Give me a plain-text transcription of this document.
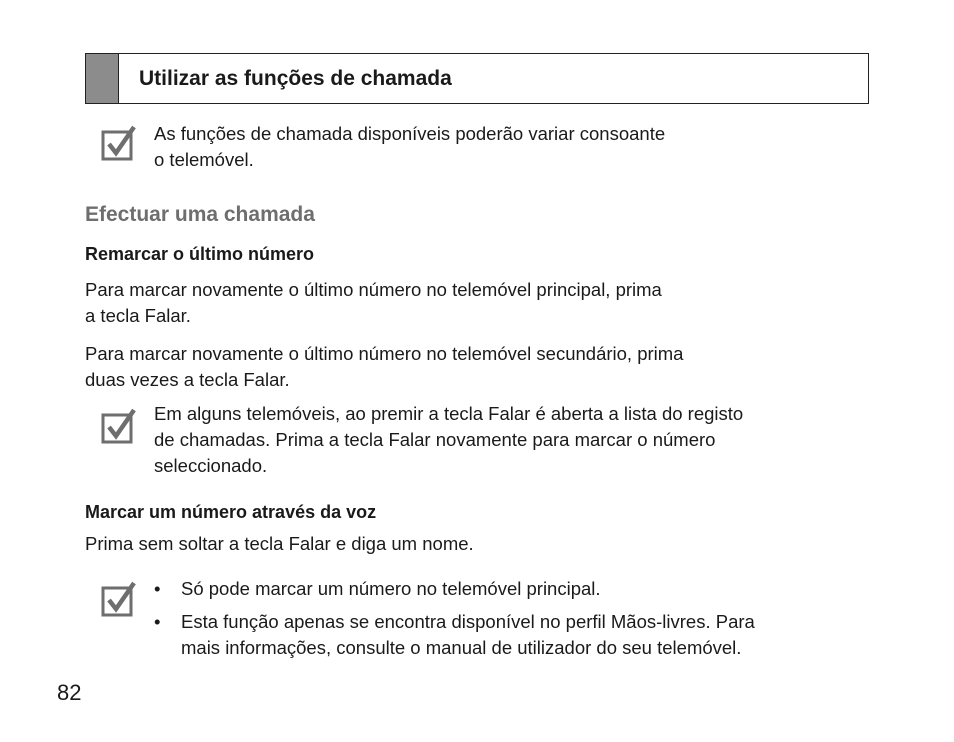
Utilizar as funções de chamada

As funções de chamada disponíveis poderão variar consoante
o telemóvel.

Efectuar uma chamada
Remarcar o último número

Para marcar novamente o último número no telemóvel principal, prima
a tecla Falar.

Para marcar novamente o último número no telemóvel secundário, prima
duas vezes a tecla Falar.

Em alguns telemóveis, ao premir a tecla Falar é aberta a lista do registo
de chamadas. Prima a tecla Falar novamente para marcar o número
seleccionado.

Marcar um número através da voz

Prima sem soltar a tecla Falar e diga um nome.

• Só pode marcar um número no telemóvel principal.
• Esta função apenas se encontra disponível no perfil Mãos-livres. Para
mais informações, consulte o manual de utilizador do seu telemóvel.

82
